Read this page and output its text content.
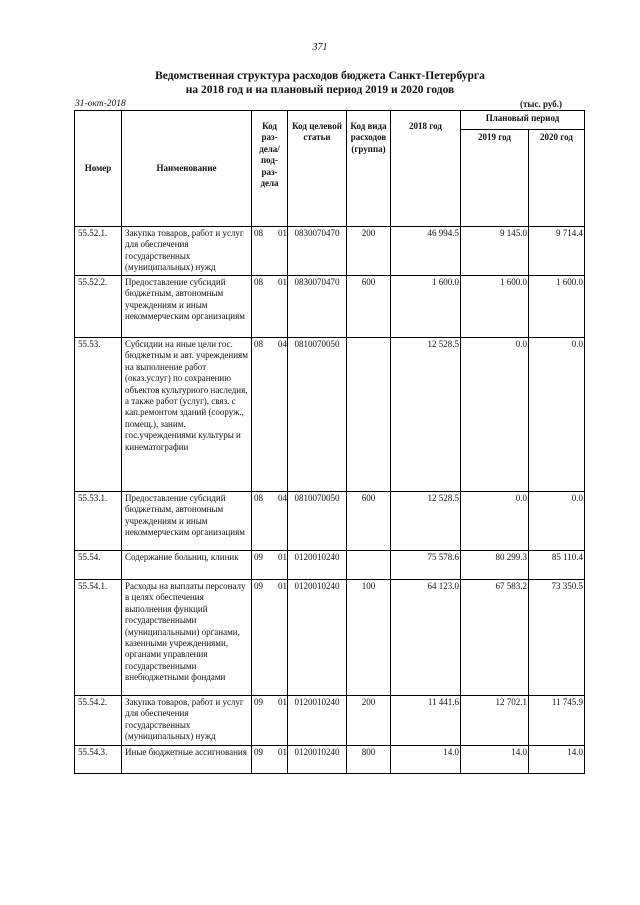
371
Ведомственная структура расходов бюджета Санкт-Петербурга
на 2018 год и на плановый период 2019 и 2020 годов
31-окт-2018	(тыс. руб.)
Номер	Наименование	Код раз- дела/ под- раз- дела	Код целевой статьи	Код вида расходов (группа)	2018 год	Плановый период	
						2019 год	2020 год
55.52.1.	Закупка товаров, работ и услуг для обеспечения государственных (муниципальных) нужд	08 01	0830070470	200	46 994.5	9 145.0	9 714.4
55.52.2.	Предоставление субсидий бюджетным, автономным учреждениям и иным некоммерческим организациям	08 01	0830070470	600	1 600.0	1 600.0	1 600.0
55.53.	Субсидии на иные цели гос. бюджетным и авт. учреждениям на выполнение работ (оказ.услуг) по сохранению объектов культурного наследия, а также работ (услуг), связ. с кап.ремонтом зданий (сооруж., помещ.), заним. гос.учреждениями культуры и кинематографии	08 04	0810070050		12 528.5	0.0	0.0
55.53.1.	Предоставление субсидий бюджетным, автономным учреждениям и иным некоммерческим организациям	08 04	0810070050	600	12 528.5	0.0	0.0
55.54.	Содержание больниц, клиник	09 01	0120010240		75 578.6	80 299.3	85 110.4
55.54.1.	Расходы на выплаты персоналу в целях обеспечения выполнения функций государственными (муниципальными) органами, казенными учреждениями, органами управления государственными внебюджетными фондами	09 01	0120010240	100	64 123.0	67 583.2	73 350.5
55.54.2.	Закупка товаров, работ и услуг для обеспечения государственных (муниципальных) нужд	09 01	0120010240	200	11 441.6	12 702.1	11 745.9
55.54.3.	Иные бюджетные ассигнования	09 01	0120010240	800	14.0	14.0	14.0
